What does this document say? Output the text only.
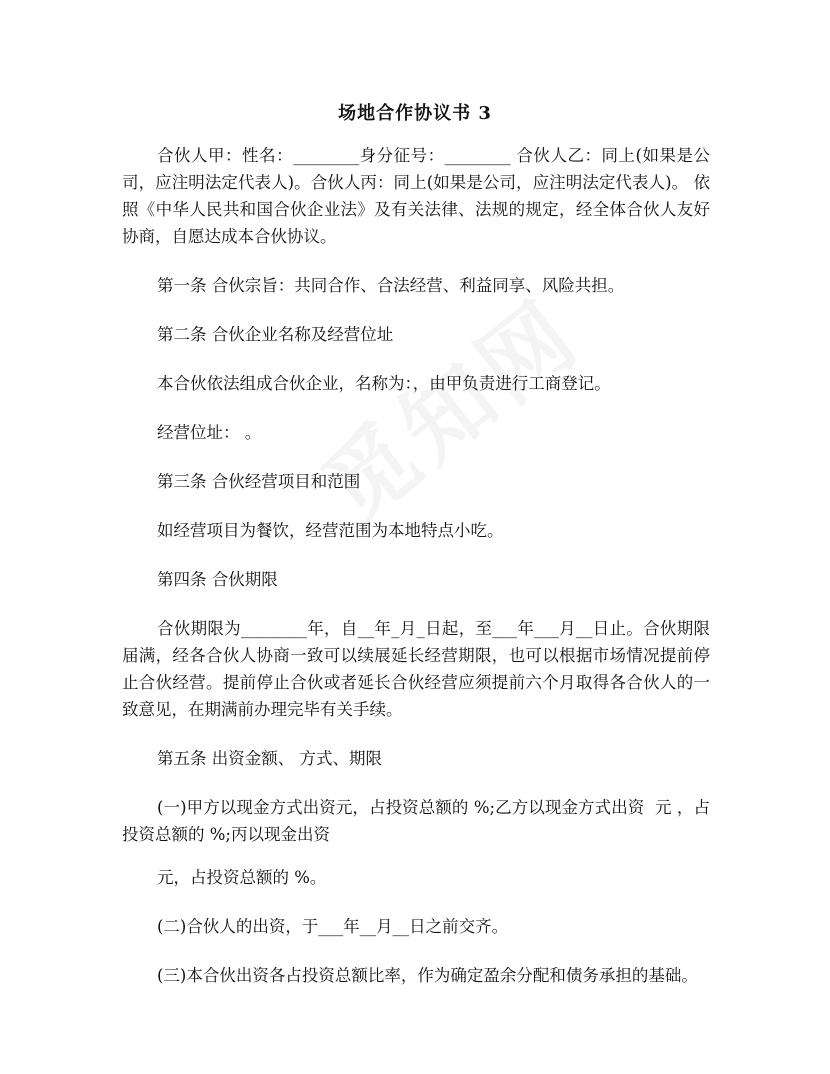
场地合作协议书 3

合伙人甲：性名：________身分征号：________ 合伙人乙：同上(如果是公司，应注明法定代表人)。合伙人丙：同上(如果是公司，应注明法定代表人)。 依照《中华人民共和国合伙企业法》及有关法律、法规的规定，经全体合伙人友好协商，自愿达成本合伙协议。

第一条 合伙宗旨：共同合作、合法经营、利益同享、风险共担。

第二条 合伙企业名称及经营位址

本合伙依法组成合伙企业，名称为：，由甲负责进行工商登记。

经营位址： 。

第三条 合伙经营项目和范围

如经营项目为餐饮，经营范围为本地特点小吃。

第四条 合伙期限

合伙期限为________年，自__年_月_日起，至___年___月__日止。合伙期限届满，经各合伙人协商一致可以续展延长经营期限，也可以根据市场情况提前停止合伙经营。提前停止合伙或者延长合伙经营应须提前六个月取得各合伙人的一致意见，在期满前办理完毕有关手续。

第五条 出资金额、 方式、期限

(一)甲方以现金方式出资元，占投资总额的 %;乙方以现金方式出资  元 ，占投资总额的 %;丙以现金出资

元，占投资总额的 %。

(二)合伙人的出资，于___年__月__日之前交齐。

(三)本合伙出资各占投资总额比率，作为确定盈余分配和债务承担的基础。
